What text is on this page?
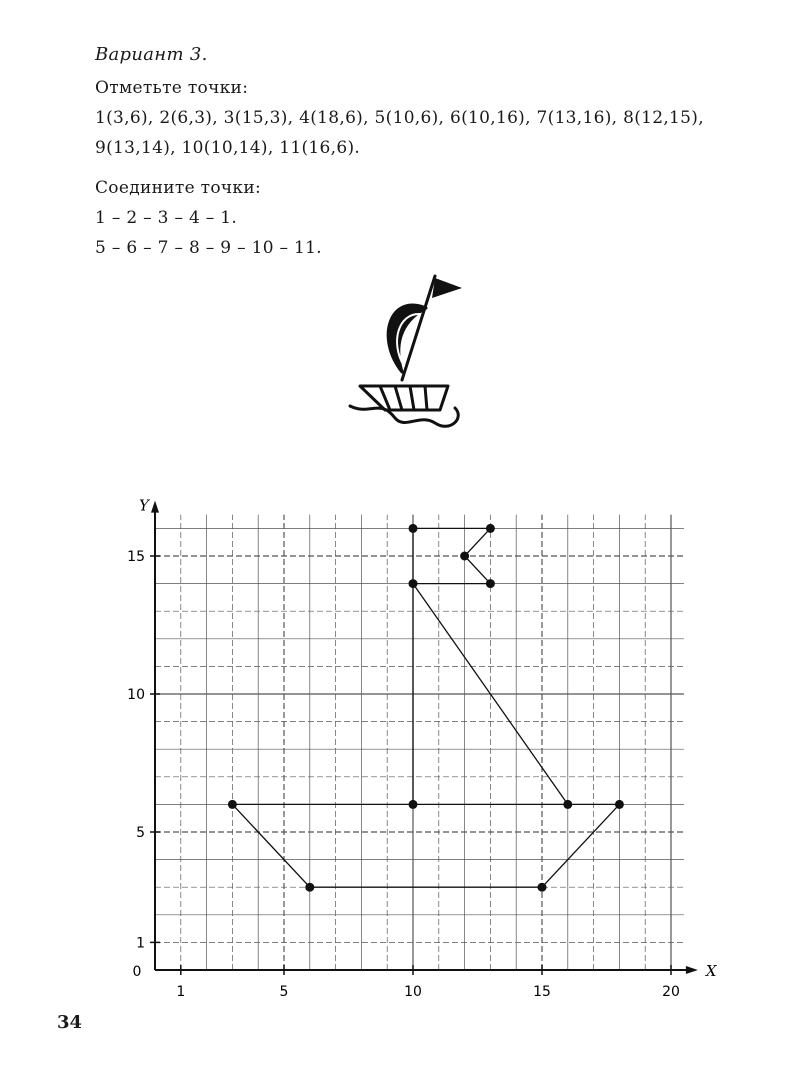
Вариант 3.
Отметьте точки:
1(3,6), 2(6,3), 3(15,3), 4(18,6), 5(10,6), 6(10,16), 7(13,16), 8(12,15),
9(13,14), 10(10,14), 11(16,6).
Соедините точки:
1 – 2 – 3 – 4 – 1.
5 – 6 – 7 – 8 – 9 – 10 – 11.
X
Y
0
1	5	10	15	20
1
5
10
15
34
